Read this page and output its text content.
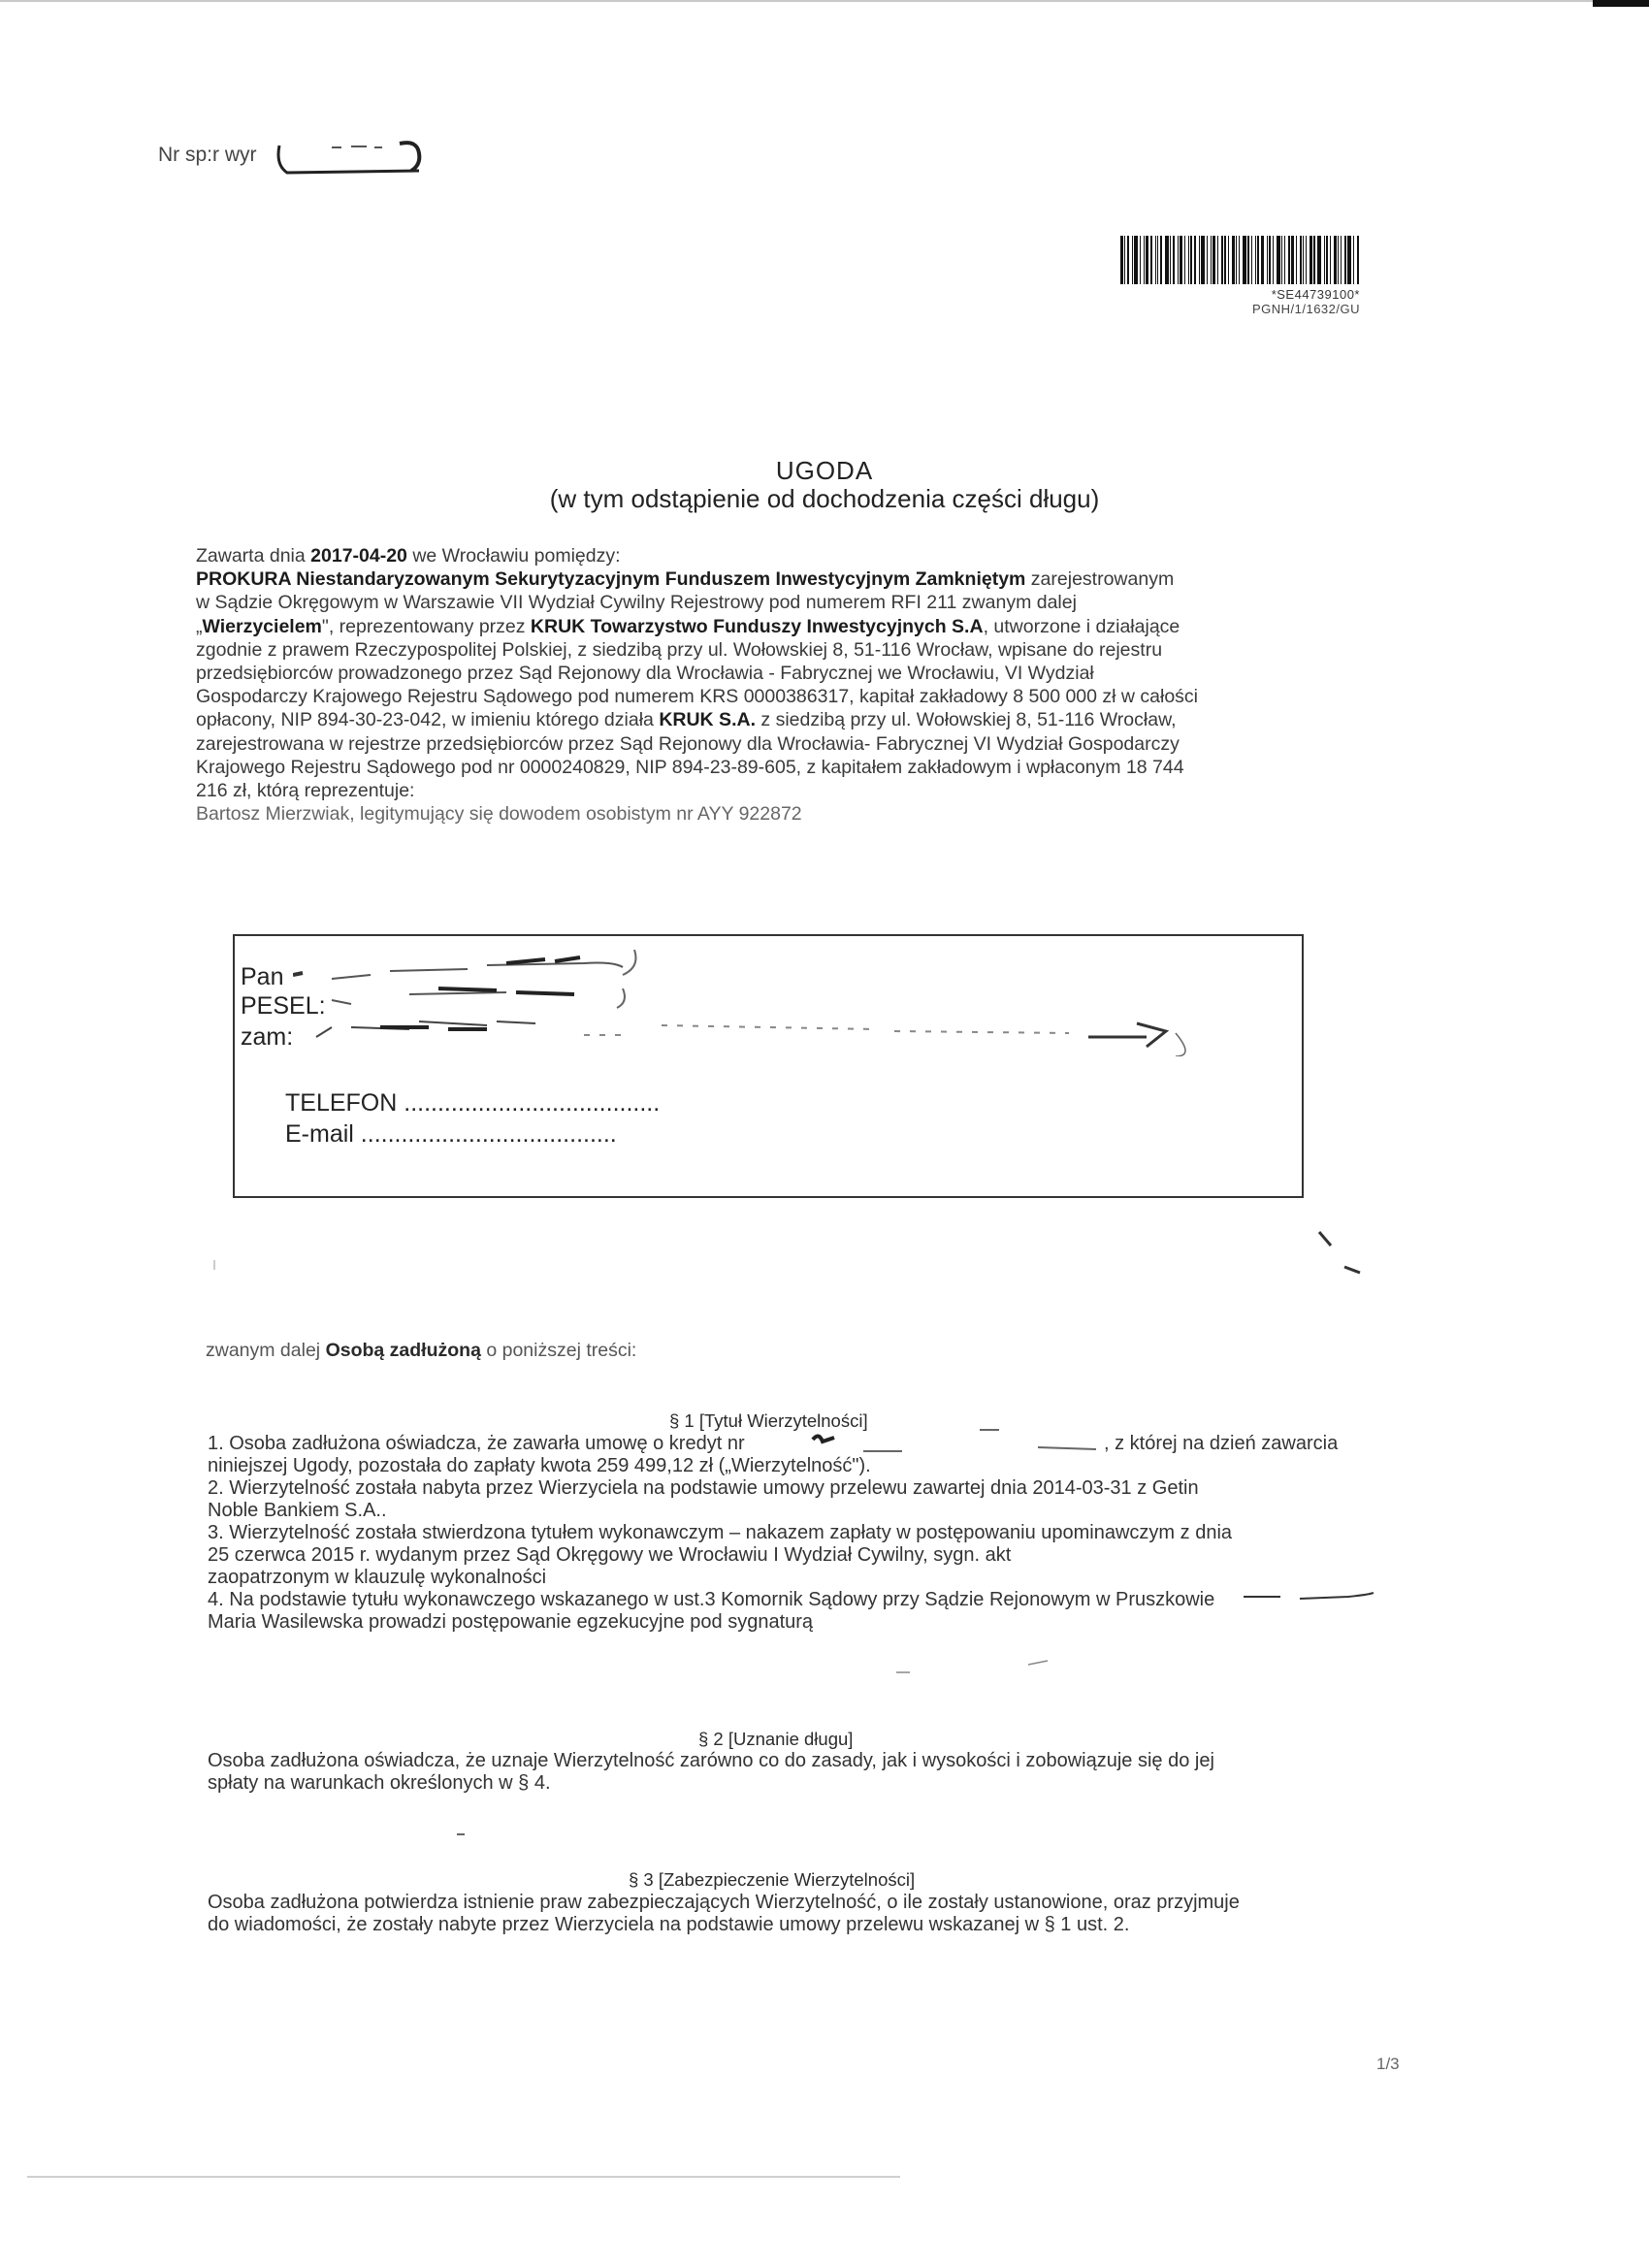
Nr sp:r wyr
*SE44739100*
PGNH/1/1632/GU
UGODA
(w tym odstąpienie od dochodzenia części długu)
Zawarta dnia 2017-04-20 we Wrocławiu pomiędzy:
PROKURA Niestandaryzowanym Sekurytyzacyjnym Funduszem Inwestycyjnym Zamkniętym zarejestrowanym
w Sądzie Okręgowym w Warszawie VII Wydział Cywilny Rejestrowy pod numerem RFI 211 zwanym dalej
„Wierzycielem", reprezentowany przez KRUK Towarzystwo Funduszy Inwestycyjnych S.A, utworzone i działające
zgodnie z prawem Rzeczypospolitej Polskiej, z siedzibą przy ul. Wołowskiej 8, 51-116 Wrocław, wpisane do rejestru
przedsiębiorców prowadzonego przez Sąd Rejonowy dla Wrocławia - Fabrycznej we Wrocławiu, VI Wydział
Gospodarczy Krajowego Rejestru Sądowego pod numerem KRS 0000386317, kapitał zakładowy 8 500 000 zł w całości
opłacony, NIP 894-30-23-042, w imieniu którego działa KRUK S.A. z siedzibą przy ul. Wołowskiej 8, 51-116 Wrocław,
zarejestrowana w rejestrze przedsiębiorców przez Sąd Rejonowy dla Wrocławia- Fabrycznej VI Wydział Gospodarczy
Krajowego Rejestru Sądowego pod nr 0000240829, NIP 894-23-89-605, z kapitałem zakładowym i wpłaconym 18 744
216 zł, którą reprezentuje:
Bartosz Mierzwiak, legitymujący się dowodem osobistym nr AYY 922872
Pan
PESEL:
zam:
TELEFON ......................................
E-mail ......................................
zwanym dalej Osobą zadłużoną o poniższej treści:
§ 1 [Tytuł Wierzytelności]
1. Osoba zadłużona oświadcza, że zawarła umowę o kredyt nr	, z której na dzień zawarcia
niniejszej Ugody, pozostała do zapłaty kwota 259 499,12 zł („Wierzytelność").
2. Wierzytelność została nabyta przez Wierzyciela na podstawie umowy przelewu zawartej dnia 2014-03-31 z Getin
Noble Bankiem S.A..
3. Wierzytelność została stwierdzona tytułem wykonawczym – nakazem zapłaty w postępowaniu upominawczym z dnia
25 czerwca 2015 r. wydanym przez Sąd Okręgowy we Wrocławiu I Wydział Cywilny, sygn. akt
zaopatrzonym w klauzulę wykonalności
4. Na podstawie tytułu wykonawczego wskazanego w ust.3 Komornik Sądowy przy Sądzie Rejonowym w Pruszkowie
Maria Wasilewska prowadzi postępowanie egzekucyjne pod sygnaturą
§ 2 [Uznanie długu]
Osoba zadłużona oświadcza, że uznaje Wierzytelność zarówno co do zasady, jak i wysokości i zobowiązuje się do jej
spłaty na warunkach określonych w § 4.
§ 3 [Zabezpieczenie Wierzytelności]
Osoba zadłużona potwierdza istnienie praw zabezpieczających Wierzytelność, o ile zostały ustanowione, oraz przyjmuje
do wiadomości, że zostały nabyte przez Wierzyciela na podstawie umowy przelewu wskazanej w § 1 ust. 2.
1/3
